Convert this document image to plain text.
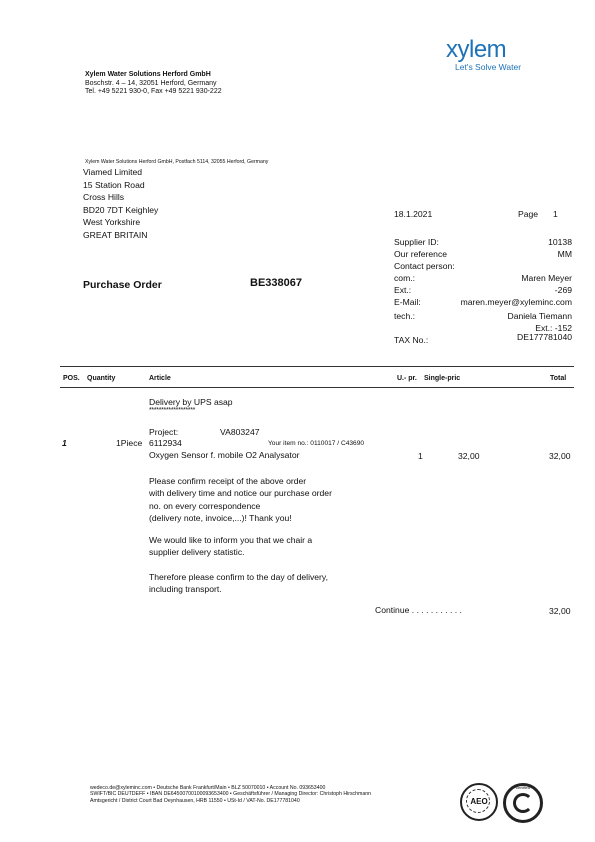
xylem
Let's Solve Water
Xylem Water Solutions Herford GmbH
Boschstr. 4 – 14, 32051 Herford, Germany
Tel. +49 5221 930-0, Fax +49 5221 930-222
Xylem Water Solutions Herford GmbH, Postfach 5114, 32055 Herford, Germany
Viamed Limited
15 Station Road
Cross Hills
BD20 7DT Keighley
West Yorkshire
GREAT BRITAIN
18.1.2021	Page 1
Supplier ID:	10138
Our reference	MM
Contact person:
com.:	Maren Meyer
Ext.:	-269
E-Mail:	maren.meyer@xyleminc.com
tech.:	Daniela Tiemann
Ext.: -152
TAX No.:	DE177781040
Purchase Order	BE338067
POS. Quantity	Article	U.- pr. Single-pric	Total
Delivery by UPS asap
*******************
Project:	VA803247
1	1Piece 6112934	Your item no.: 0110017 / C43690
Oxygen Sensor f. mobile O2 Analysator	1	32,00	32,00
Please confirm receipt of the above order
with delivery time and notice our purchase order
no. on every correspondence
(delivery note, invoice,...)! Thank you!
We would like to inform you that we chair a
supplier delivery statistic.
Therefore please confirm to the day of delivery,
including transport.
Continue . . . . . . . . . . .	32,00
wedeco.de@xyleminc.com • Deutsche Bank Frankfurt/Main • BLZ 50070010 • Account No. 093653400
SWIFT/BIC DEUTDEFF • IBAN DE64500700100093653400 • Geschäftsführer / Managing Director: Christoph Hirschmann
Amtsgericht / District Court Bad Oeynhausen, HRB 11550 • USt-Id / VAT-No. DE177781040	AEO
certified
